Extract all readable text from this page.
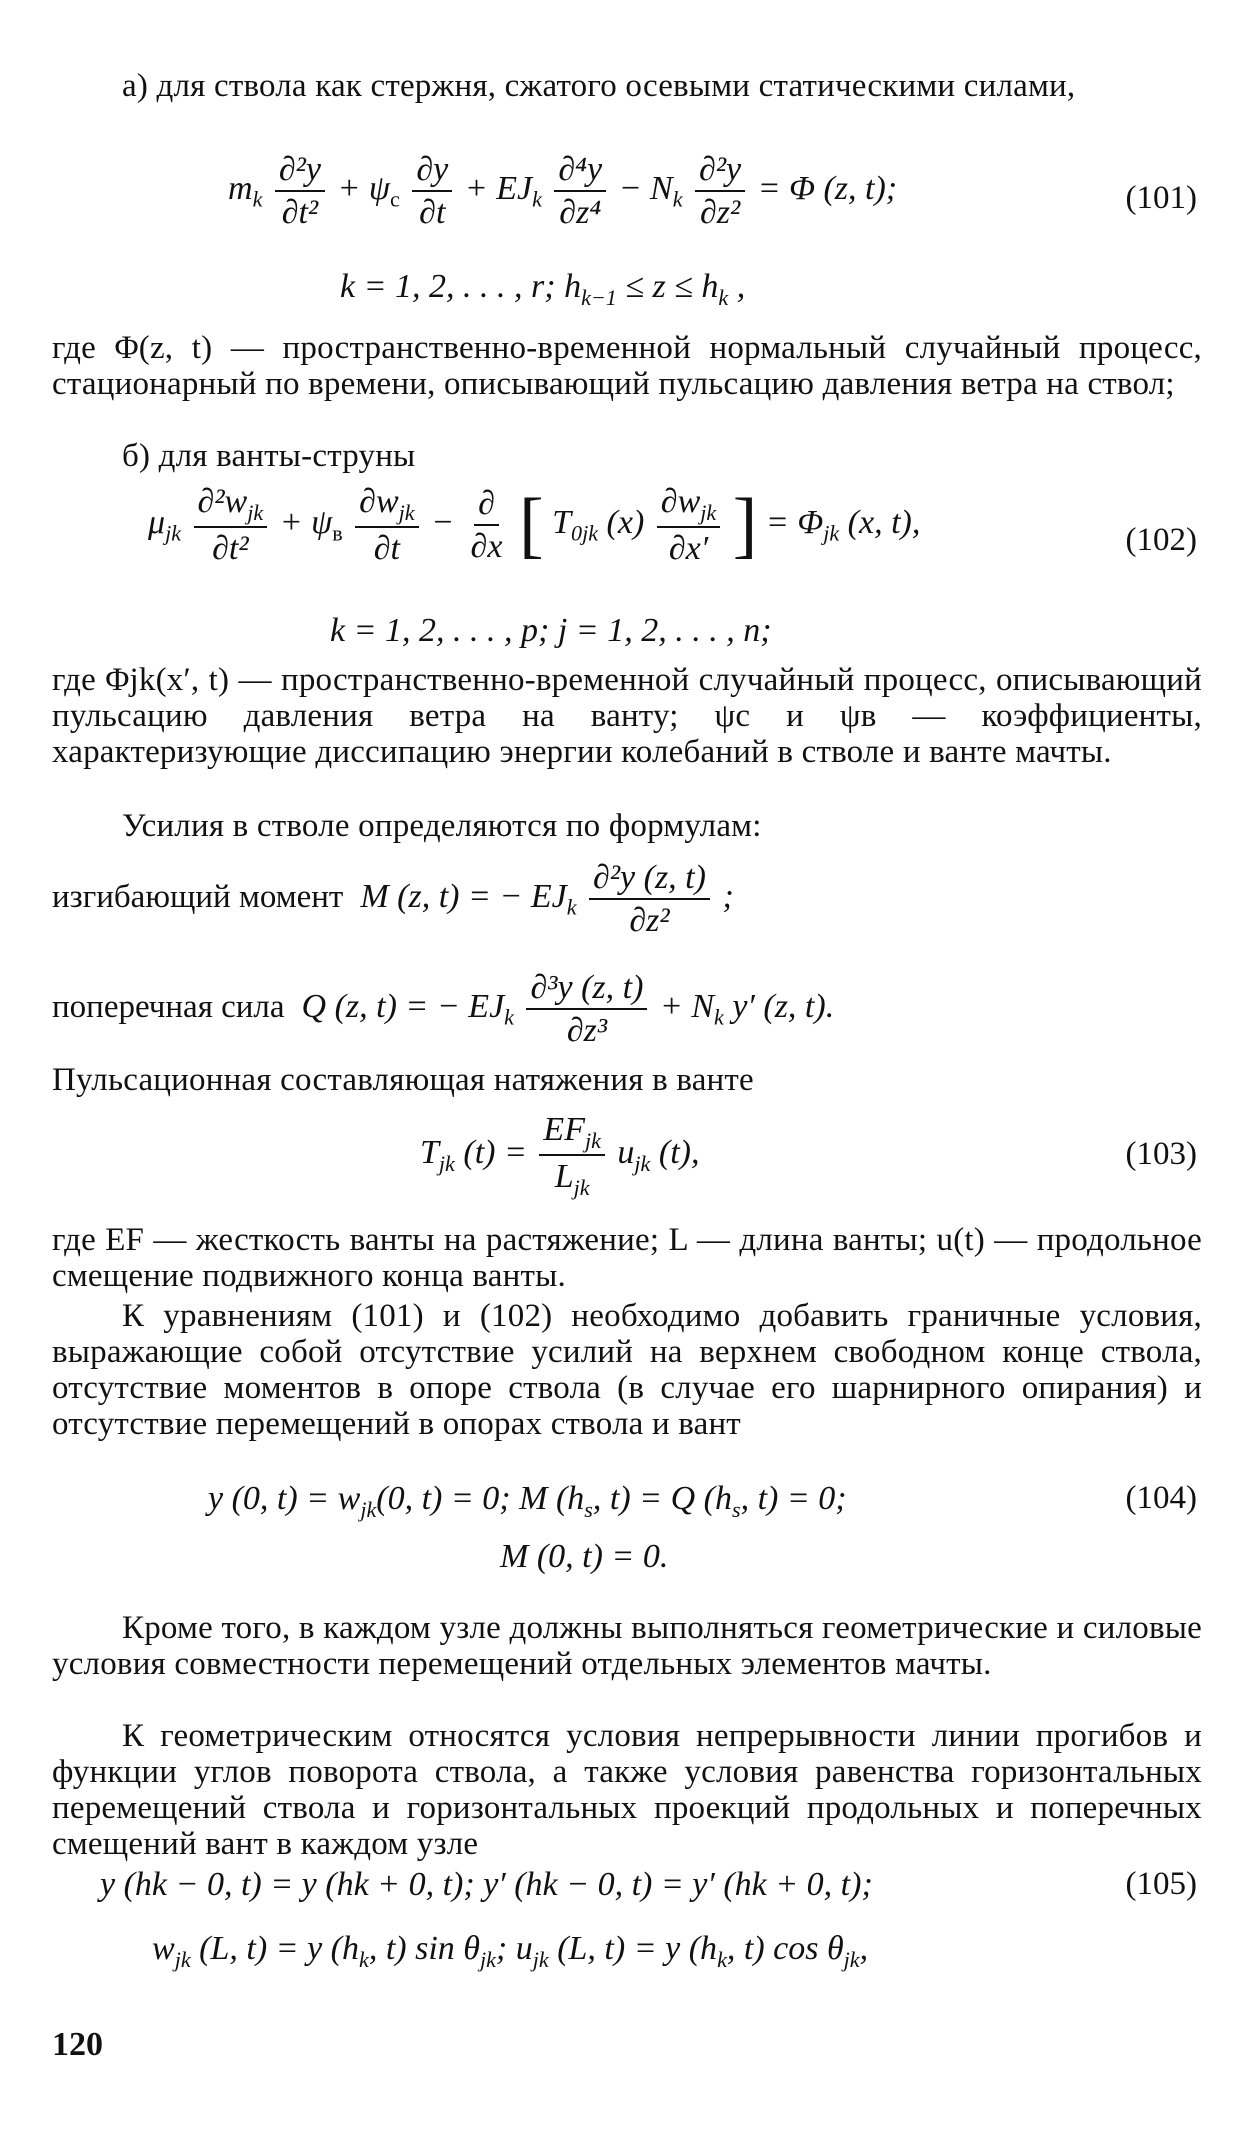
а) для ствола как стержня, сжатого осевыми статическими силами,

$m_k \frac{\text{∂²y}}{\text{∂t²}} + \psi_с \frac{\partial y}{\partial t} + EJ_k \frac{\text{∂⁴y}}{\text{∂z⁴}} - N_k \frac{\text{∂²y}}{\text{∂z²}} = \Phi$ (z, t);	(101)
k = 1, 2, . . . , r; $h_{k-1} \le z \le h_k$ ,

где Φ(z, t) — пространственно-временной нормальный случайный процесс, стационарный по времени, описывающий пульсацию давления ветра на ствол;

б) для ванты-струны

$\mu_{jk} \frac{\partial^2w_{jk}}{\text{∂t²}} + \psi_в \frac{\partial w_{jk}}{\partial t} - \frac{\partial}{\partial x}$ [ $T_{0jk}$ $(x) \frac{\partial w_{jk}}{\partial x'}$ ] = $\Phi_{jk}$ (x, t),	(102)
k = 1, 2, . . . , p; j = 1, 2, . . . , n;

где Φjk(x′, t) — пространственно-временной случайный процесс, описывающий пульсацию давления ветра на ванту; ψс и ψв — коэффициенты, характеризующие диссипацию энергии колебаний в стволе и ванте мачты.

Усилия в стволе определяются по формулам:

изгибающий момент M (z, t) = − $EJ_k \frac{\text{∂²y (z, t)}}{\text{∂z²}}$ ;
поперечная сила Q (z, t) = − $EJ_k \frac{\text{∂³y (z, t)}}{\text{∂z³}} + N_k$ y′ (z, t).

Пульсационная составляющая натяжения в ванте

$T_{jk}$ $(t) = \frac{EF_{jk}}{L_{jk}} u_{jk}$ (t),	(103)

где EF — жесткость ванты на растяжение; L — длина ванты; u(t) — продольное смещение подвижного конца ванты.

К уравнениям (101) и (102) необходимо добавить граничные условия, выражающие собой отсутствие усилий на верхнем свободном конце ствола, отсутствие моментов в опоре ствола (в случае его шарнирного опирания) и отсутствие перемещений в опорах ствола и вант

y (0, $t) = w_{jk}(0$, t) = 0; M ($h_s$, t) = Q ($h_s$, t) = 0;	(104)
M (0, t) = 0.

Кроме того, в каждом узле должны выполняться геометрические и силовые условия совместности перемещений отдельных элементов мачты.

К геометрическим относятся условия непрерывности линии прогибов и функции углов поворота ствола, а также условия равенства горизонтальных перемещений ствола и горизонтальных проекций продольных и поперечных смещений вант в каждом узле

y (hk − 0, t) = y (hk + 0, t); y′ (hk − 0, t) = y′ (hk + 0, t);	(105)
$w_{jk}$ (L, t) = y ($h_k$, t) $\sin \theta_{jk}$; $u_{jk}$ (L, t) = y ($h_k$, t) $\cos \theta_{jk}$,
120
